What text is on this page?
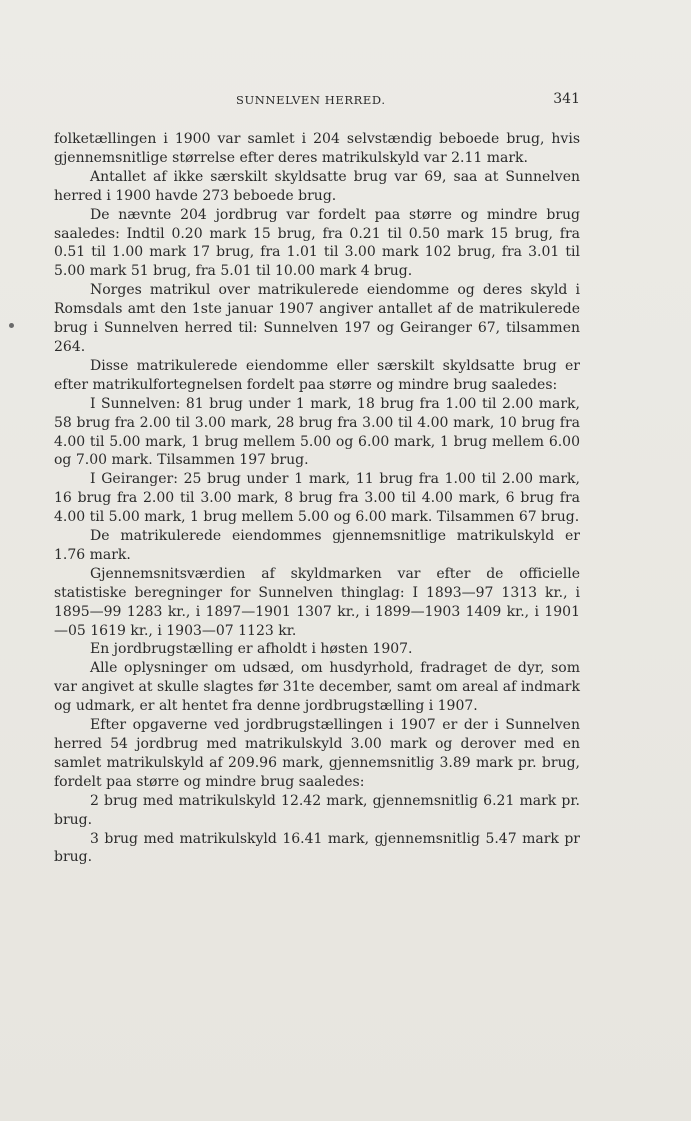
SUNNELVEN HERRED.	341

folketællingen i 1900 var samlet i 204 selvstændig beboede brug, hvis gjennemsnitlige størrelse efter deres matrikulskyld var 2.11 mark.

Antallet af ikke særskilt skyldsatte brug var 69, saa at Sunnelven herred i 1900 havde 273 beboede brug.

De nævnte 204 jordbrug var fordelt paa større og mindre brug saaledes: Indtil 0.20 mark 15 brug, fra 0.21 til 0.50 mark 15 brug, fra 0.51 til 1.00 mark 17 brug, fra 1.01 til 3.00 mark 102 brug, fra 3.01 til 5.00 mark 51 brug, fra 5.01 til 10.00 mark 4 brug.

Norges matrikul over matrikulerede eiendomme og deres skyld i Romsdals amt den 1ste januar 1907 angiver antallet af de matrikulerede brug i Sunnelven herred til: Sunnelven 197 og Geiranger 67, tilsammen 264.

Disse matrikulerede eiendomme eller særskilt skyldsatte brug er efter matrikulfortegnelsen fordelt paa større og mindre brug saaledes:

I Sunnelven: 81 brug under 1 mark, 18 brug fra 1.00 til 2.00 mark, 58 brug fra 2.00 til 3.00 mark, 28 brug fra 3.00 til 4.00 mark, 10 brug fra 4.00 til 5.00 mark, 1 brug mellem 5.00 og 6.00 mark, 1 brug mellem 6.00 og 7.00 mark. Tilsammen 197 brug.

I Geiranger: 25 brug under 1 mark, 11 brug fra 1.00 til 2.00 mark, 16 brug fra 2.00 til 3.00 mark, 8 brug fra 3.00 til 4.00 mark, 6 brug fra 4.00 til 5.00 mark, 1 brug mellem 5.00 og 6.00 mark. Tilsammen 67 brug.

De matrikulerede eiendommes gjennemsnitlige matrikulskyld er 1.76 mark.

Gjennemsnitsværdien af skyldmarken var efter de officielle statistiske beregninger for Sunnelven thinglag: I 1893—97 1313 kr., i 1895—99 1283 kr., i 1897—1901 1307 kr., i 1899—1903 1409 kr., i 1901—05 1619 kr., i 1903—07 1123 kr.

En jordbrugstælling er afholdt i høsten 1907.

Alle oplysninger om udsæd, om husdyrhold, fradraget de dyr, som var angivet at skulle slagtes før 31te december, samt om areal af indmark og udmark, er alt hentet fra denne jordbrugstælling i 1907.

Efter opgaverne ved jordbrugstællingen i 1907 er der i Sunnelven herred 54 jordbrug med matrikulskyld 3.00 mark og derover med en samlet matrikulskyld af 209.96 mark, gjennemsnitlig 3.89 mark pr. brug, fordelt paa større og mindre brug saaledes:

2 brug med matrikulskyld 12.42 mark, gjennemsnitlig 6.21 mark pr. brug.

3 brug med matrikulskyld 16.41 mark, gjennemsnitlig 5.47 mark pr brug.
